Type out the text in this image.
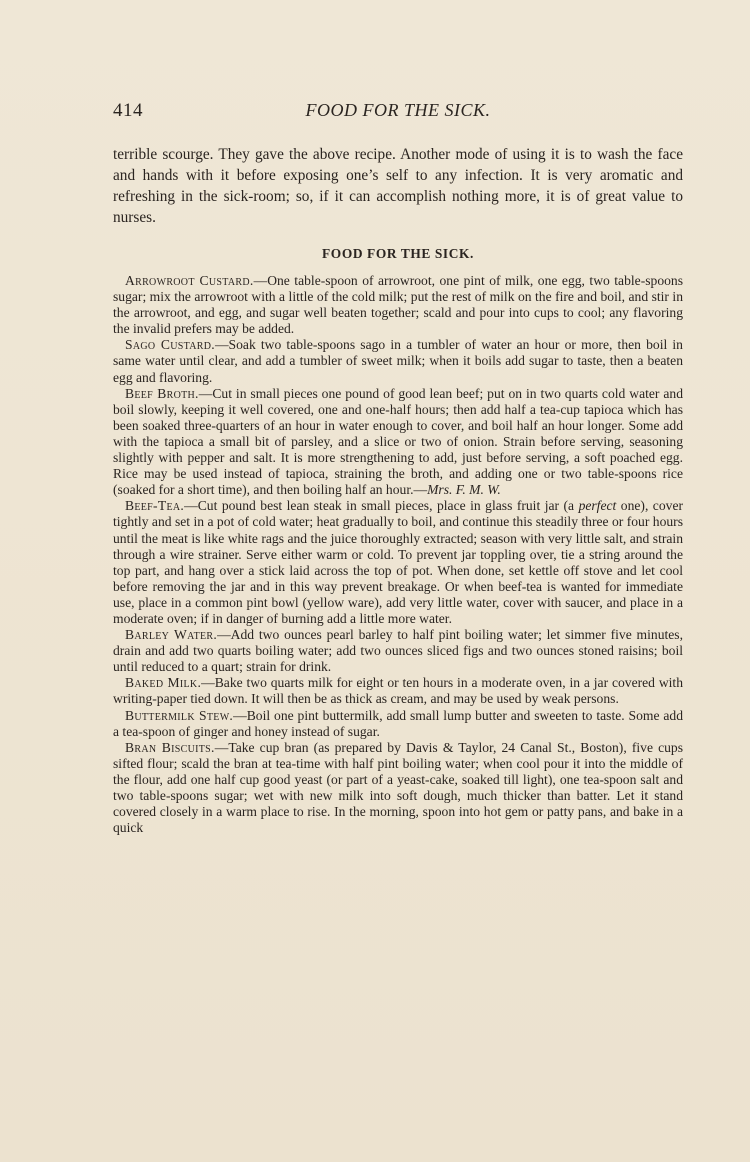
414	FOOD FOR THE SICK.

terrible scourge. They gave the above recipe. Another mode of using it is to wash the face and hands with it before exposing one’s self to any infection. It is very aromatic and refreshing in the sick-room; so, if it can accomplish nothing more, it is of great value to nurses.

FOOD FOR THE SICK.

Arrowroot Custard.—One table-spoon of arrowroot, one pint of milk, one egg, two table-spoons sugar; mix the arrowroot with a little of the cold milk; put the rest of milk on the fire and boil, and stir in the arrowroot, and egg, and sugar well beaten together; scald and pour into cups to cool; any flavoring the invalid prefers may be added.

Sago Custard.—Soak two table-spoons sago in a tumbler of water an hour or more, then boil in same water until clear, and add a tumbler of sweet milk; when it boils add sugar to taste, then a beaten egg and flavoring.

Beef Broth.—Cut in small pieces one pound of good lean beef; put on in two quarts cold water and boil slowly, keeping it well covered, one and one-half hours; then add half a tea-cup tapioca which has been soaked three-quarters of an hour in water enough to cover, and boil half an hour longer. Some add with the tapioca a small bit of parsley, and a slice or two of onion. Strain before serving, seasoning slightly with pepper and salt. It is more strengthening to add, just before serving, a soft poached egg. Rice may be used instead of tapioca, straining the broth, and adding one or two table-spoons rice (soaked for a short time), and then boiling half an hour.—Mrs. F. M. W.

Beef-Tea.—Cut pound best lean steak in small pieces, place in glass fruit jar (a perfect one), cover tightly and set in a pot of cold water; heat gradually to boil, and continue this steadily three or four hours until the meat is like white rags and the juice thoroughly extracted; season with very little salt, and strain through a wire strainer. Serve either warm or cold. To prevent jar toppling over, tie a string around the top part, and hang over a stick laid across the top of pot. When done, set kettle off stove and let cool before removing the jar and in this way prevent breakage. Or when beef-tea is wanted for immediate use, place in a common pint bowl (yellow ware), add very little water, cover with saucer, and place in a moderate oven; if in danger of burning add a little more water.

Barley Water.—Add two ounces pearl barley to half pint boiling water; let simmer five minutes, drain and add two quarts boiling water; add two ounces sliced figs and two ounces stoned raisins; boil until reduced to a quart; strain for drink.

Baked Milk.—Bake two quarts milk for eight or ten hours in a moderate oven, in a jar covered with writing-paper tied down. It will then be as thick as cream, and may be used by weak persons.

Buttermilk Stew.—Boil one pint buttermilk, add small lump butter and sweeten to taste. Some add a tea-spoon of ginger and honey instead of sugar.

Bran Biscuits.—Take cup bran (as prepared by Davis & Taylor, 24 Canal St., Boston), five cups sifted flour; scald the bran at tea-time with half pint boiling water; when cool pour it into the middle of the flour, add one half cup good yeast (or part of a yeast-cake, soaked till light), one tea-spoon salt and two table-spoons sugar; wet with new milk into soft dough, much thicker than batter. Let it stand covered closely in a warm place to rise. In the morning, spoon into hot gem or patty pans, and bake in a quick
